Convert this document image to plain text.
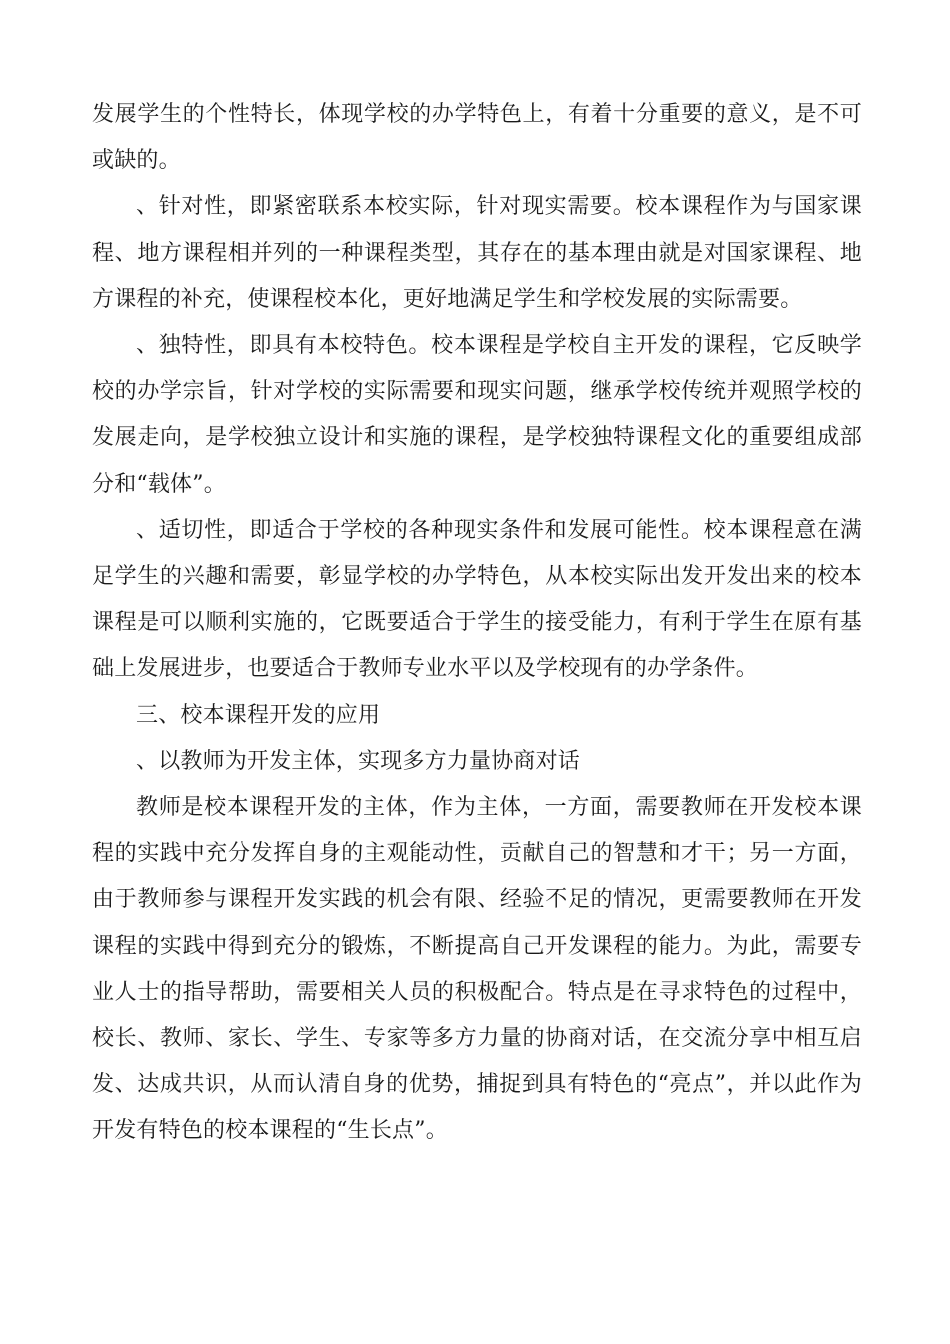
发展学生的个性特长，体现学校的办学特色上，有着十分重要的意义，是不可或缺的。

、针对性，即紧密联系本校实际，针对现实需要。校本课程作为与国家课程、地方课程相并列的一种课程类型，其存在的基本理由就是对国家课程、地方课程的补充，使课程校本化，更好地满足学生和学校发展的实际需要。

、独特性，即具有本校特色。校本课程是学校自主开发的课程，它反映学校的办学宗旨，针对学校的实际需要和现实问题，继承学校传统并观照学校的发展走向，是学校独立设计和实施的课程，是学校独特课程文化的重要组成部分和“载体”。

、适切性，即适合于学校的各种现实条件和发展可能性。校本课程意在满足学生的兴趣和需要，彰显学校的办学特色，从本校实际出发开发出来的校本课程是可以顺利实施的，它既要适合于学生的接受能力，有利于学生在原有基础上发展进步，也要适合于教师专业水平以及学校现有的办学条件。

三、校本课程开发的应用

、以教师为开发主体，实现多方力量协商对话

教师是校本课程开发的主体，作为主体，一方面，需要教师在开发校本课程的实践中充分发挥自身的主观能动性，贡献自己的智慧和才干；另一方面，由于教师参与课程开发实践的机会有限、经验不足的情况，更需要教师在开发课程的实践中得到充分的锻炼，不断提高自己开发课程的能力。为此，需要专业人士的指导帮助，需要相关人员的积极配合。特点是在寻求特色的过程中，校长、教师、家长、学生、专家等多方力量的协商对话，在交流分享中相互启发、达成共识，从而认清自身的优势，捕捉到具有特色的“亮点”，并以此作为开发有特色的校本课程的“生长点”。
